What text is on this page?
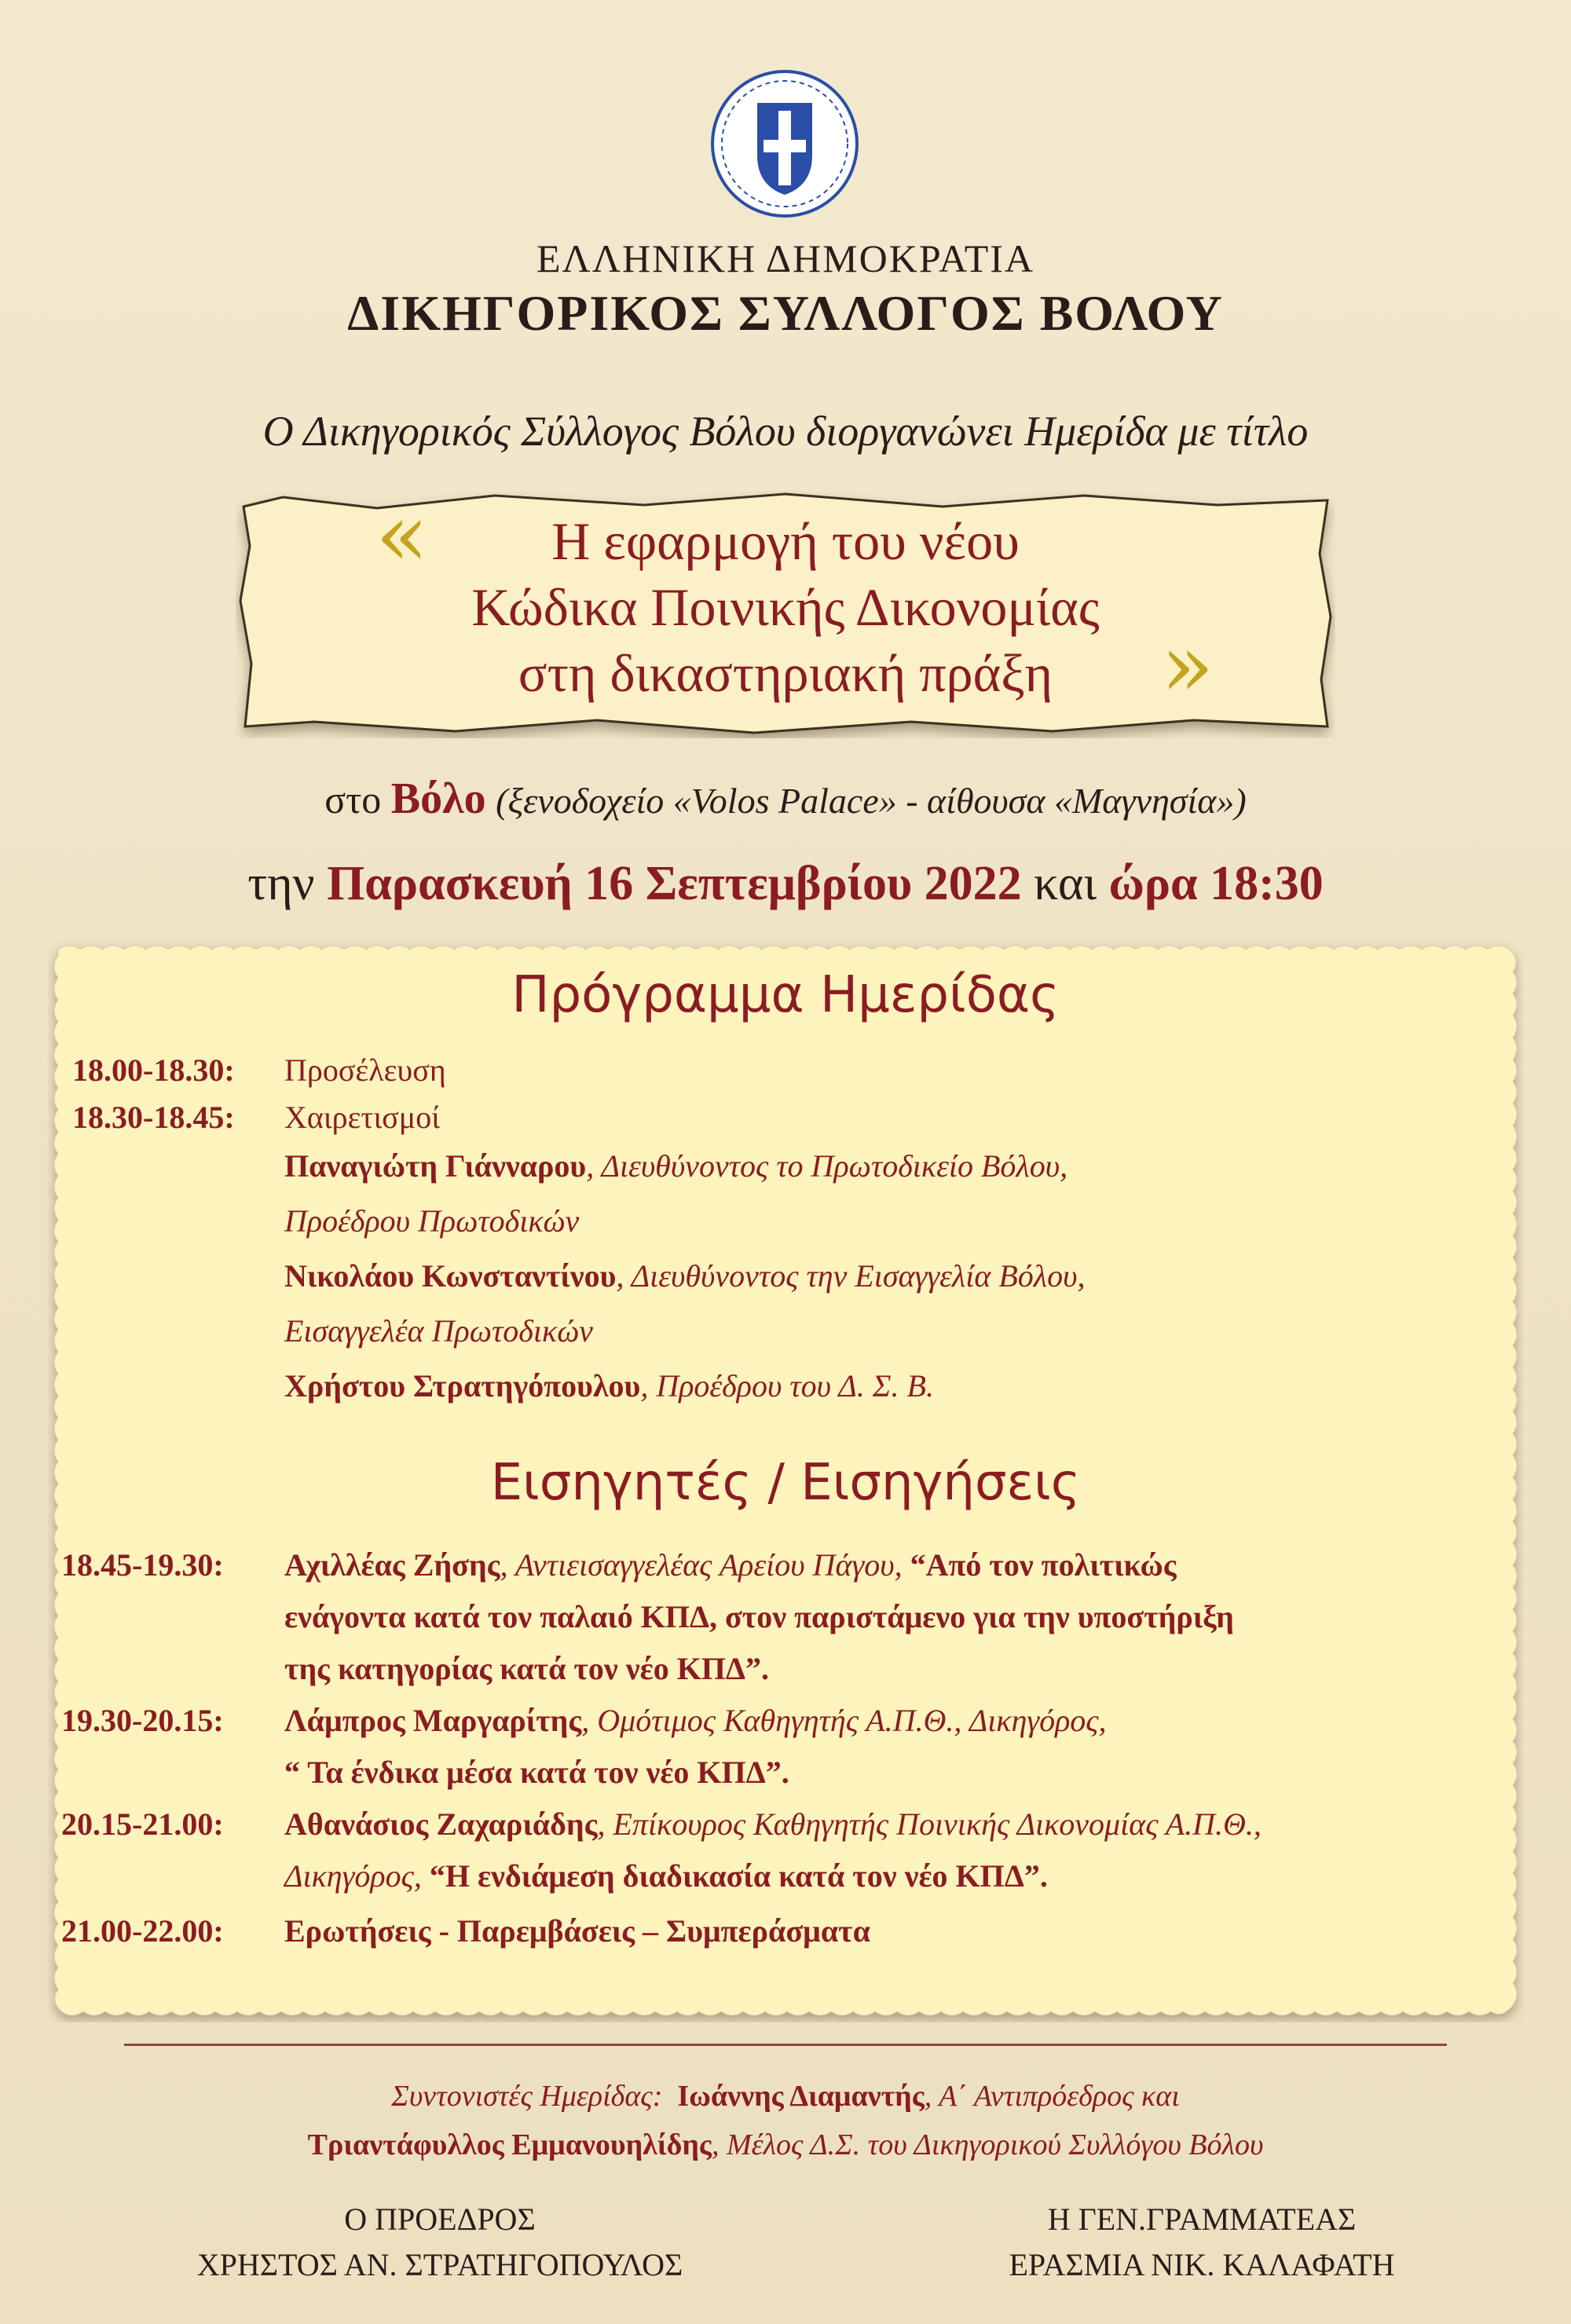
ΕΛΛΗΝΙΚΗ ΔΗΜΟΚΡΑΤΙΑ
ΔΙΚΗΓΟΡΙΚΟΣ ΣΥΛΛΟΓΟΣ ΒΟΛΟΥ
Ο Δικηγορικός Σύλλογος Βόλου διοργανώνει Ημερίδα με τίτλο
«	Η εφαρμογή του νέου
Κώδικα Ποινικής Δικονομίας
στη δικαστηριακή πράξη	»
στο Βόλο (ξενοδοχείο «Volos Palace» - αίθουσα «Μαγνησία»)
την Παρασκευή 16 Σεπτεμβρίου 2022 και ώρα 18:30
Πρόγραμμα Ημερίδας
18.00-18.30: Προσέλευση
18.30-18.45: Χαιρετισμοί
Παναγιώτη Γιάνναρου, Διευθύνοντος το Πρωτοδικείο Βόλου,
Προέδρου Πρωτοδικών
Νικολάου Κωνσταντίνου, Διευθύνοντος την Εισαγγελία Βόλου,
Εισαγγελέα Πρωτοδικών
Χρήστου Στρατηγόπουλου, Προέδρου του Δ. Σ. Β.
Εισηγητές / Εισηγήσεις
18.45-19.30: Αχιλλέας Ζήσης, Αντιεισαγγελέας Αρείου Πάγου, “Από τον πολιτικώς
ενάγοντα κατά τον παλαιό ΚΠΔ, στον παριστάμενο για την υποστήριξη
της κατηγορίας κατά τον νέο ΚΠΔ”.
19.30-20.15: Λάμπρος Μαργαρίτης, Ομότιμος Καθηγητής Α.Π.Θ., Δικηγόρος,
“ Τα ένδικα μέσα κατά τον νέο ΚΠΔ”.
20.15-21.00: Αθανάσιος Ζαχαριάδης, Επίκουρος Καθηγητής Ποινικής Δικονομίας Α.Π.Θ.,
Δικηγόρος, “Η ενδιάμεση διαδικασία κατά τον νέο ΚΠΔ”.
21.00-22.00: Ερωτήσεις - Παρεμβάσεις – Συμπεράσματα
Συντονιστές Ημερίδας: Ιωάννης Διαμαντής, Α΄ Αντιπρόεδρος και
Τριαντάφυλλος Εμμανουηλίδης, Μέλος Δ.Σ. του Δικηγορικού Συλλόγου Βόλου
Ο ΠΡΟΕΔΡΟΣ
ΧΡΗΣΤΟΣ ΑΝ. ΣΤΡΑΤΗΓΟΠΟΥΛΟΣ
Η ΓΕΝ.ΓΡΑΜΜΑΤΕΑΣ
ΕΡΑΣΜΙΑ ΝΙΚ. ΚΑΛΑΦΑΤΗ
